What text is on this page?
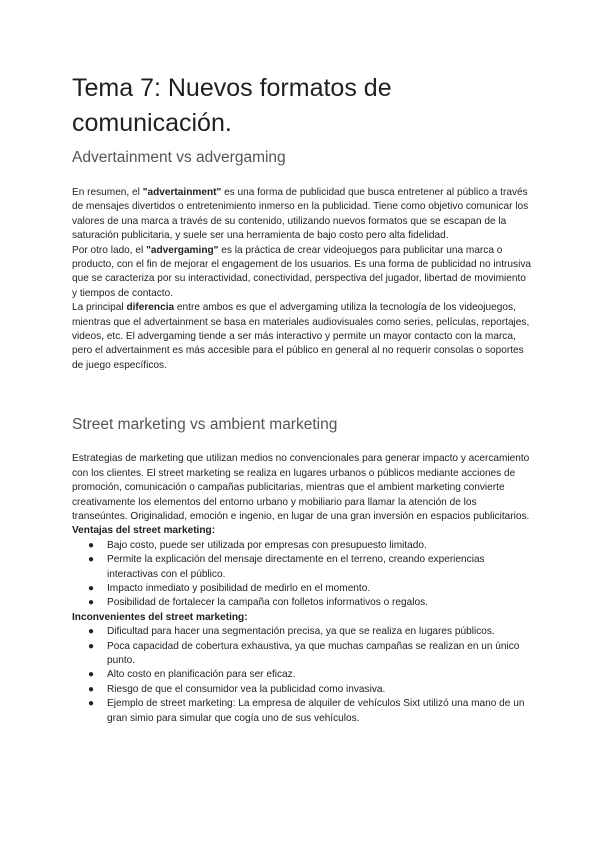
Tema 7: Nuevos formatos de comunicación.
Advertainment vs advergaming

En resumen, el "advertainment" es una forma de publicidad que busca entretener al público a través de mensajes divertidos o entretenimiento inmerso en la publicidad. Tiene como objetivo comunicar los valores de una marca a través de su contenido, utilizando nuevos formatos que se escapan de la saturación publicitaria, y suele ser una herramienta de bajo costo pero alta fidelidad.

Por otro lado, el "advergaming" es la práctica de crear videojuegos para publicitar una marca o producto, con el fin de mejorar el engagement de los usuarios. Es una forma de publicidad no intrusiva que se caracteriza por su interactividad, conectividad, perspectiva del jugador, libertad de movimiento y tiempos de contacto.

La principal diferencia entre ambos es que el advergaming utiliza la tecnología de los videojuegos, mientras que el advertainment se basa en materiales audiovisuales como series, películas, reportajes, videos, etc. El advergaming tiende a ser más interactivo y permite un mayor contacto con la marca, pero el advertainment es más accesible para el público en general al no requerir consolas o soportes de juego específicos.

Street marketing vs ambient marketing

Estrategias de marketing que utilizan medios no convencionales para generar impacto y acercamiento con los clientes. El street marketing se realiza en lugares urbanos o públicos mediante acciones de promoción, comunicación o campañas publicitarias, mientras que el ambient marketing convierte creativamente los elementos del entorno urbano y mobiliario para llamar la atención de los transeúntes. Originalidad, emoción e ingenio, en lugar de una gran inversión en espacios publicitarios.

Ventajas del street marketing:

● Bajo costo, puede ser utilizada por empresas con presupuesto limitado.
● Permite la explicación del mensaje directamente en el terreno, creando experiencias interactivas con el público.
● Impacto inmediato y posibilidad de medirlo en el momento.
● Posibilidad de fortalecer la campaña con folletos informativos o regalos.

Inconvenientes del street marketing:

● Dificultad para hacer una segmentación precisa, ya que se realiza en lugares públicos.
● Poca capacidad de cobertura exhaustiva, ya que muchas campañas se realizan en un único punto.
● Alto costo en planificación para ser eficaz.
● Riesgo de que el consumidor vea la publicidad como invasiva.
● Ejemplo de street marketing: La empresa de alquiler de vehículos Sixt utilizó una mano de un gran simio para simular que cogía uno de sus vehículos.
